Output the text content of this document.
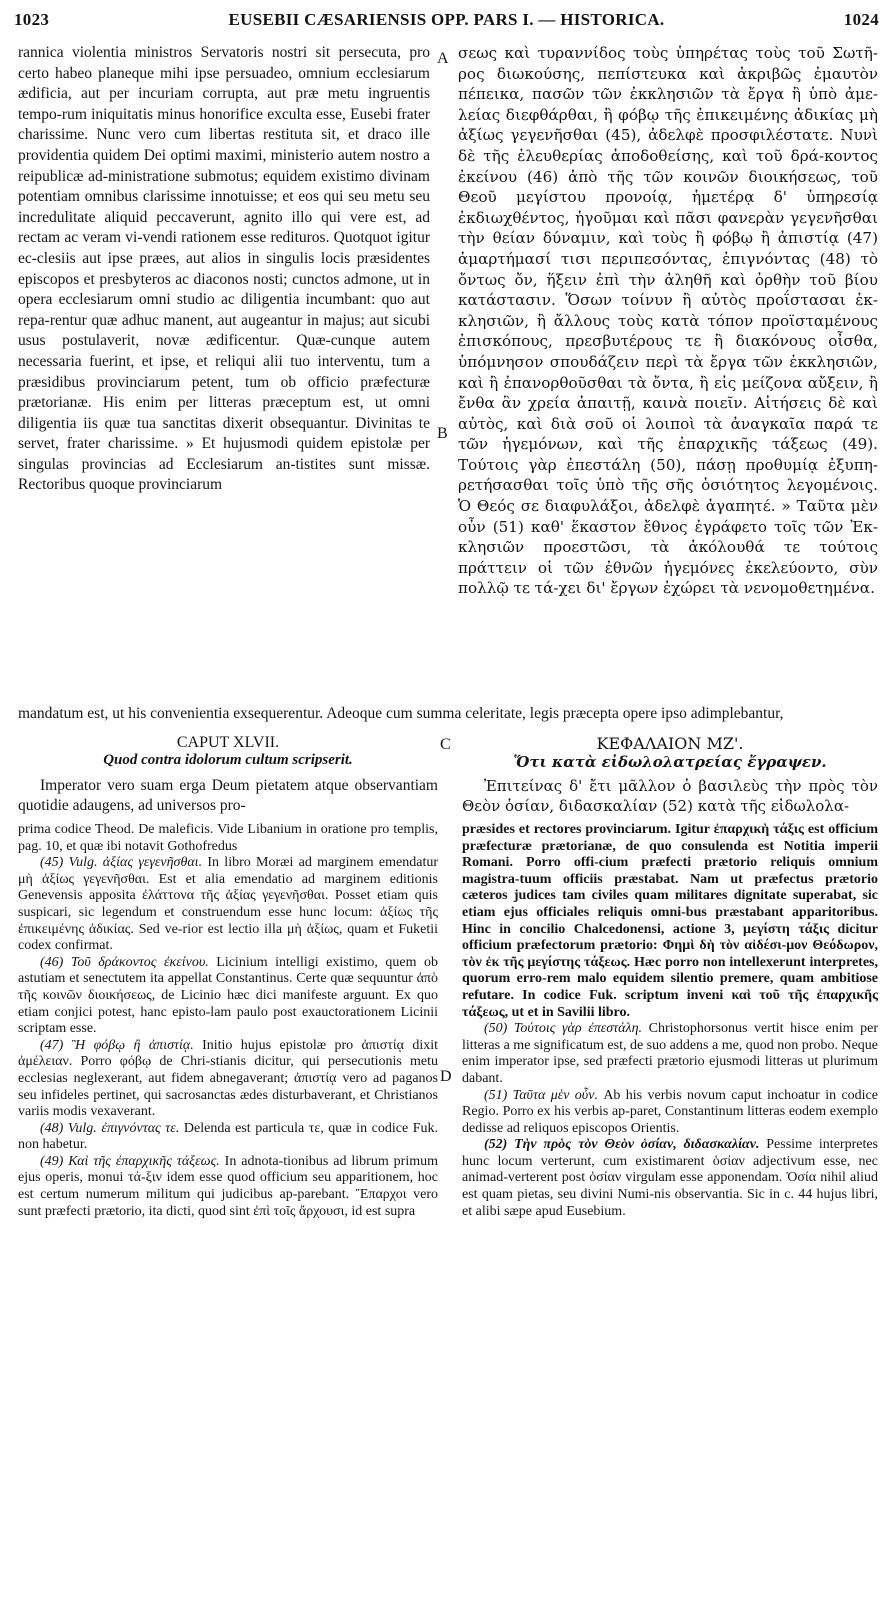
1023	EUSEBII CÆSARIENSIS OPP. PARS I. — HISTORICA.	1024
A
B
C
D

rannica violentia ministros Servatoris nostri sit persecuta, pro certo habeo planeque mihi ipse persuadeo, omnium ecclesiarum ædificia, aut per incuriam corrupta, aut præ metu ingruentis tempo-rum iniquitatis minus honorifice exculta esse, Eusebi frater charissime. Nunc vero cum libertas restituta sit, et draco ille providentia quidem Dei optimi maximi, ministerio autem nostro a reipublicæ ad-ministratione submotus; equidem existimo divinam potentiam omnibus clarissime innotuisse; et eos qui seu metu seu incredulitate aliquid peccaverunt, agnito illo qui vere est, ad rectam ac veram vi-vendi rationem esse redituros. Quotquot igitur ec-clesiis aut ipse præes, aut alios in singulis locis præsidentes episcopos et presbyteros ac diaconos nosti; cunctos admone, ut in opera ecclesiarum omni studio ac diligentia incumbant: quo aut repa-rentur quæ adhuc manent, aut augeantur in majus; aut sicubi usus postulaverit, novæ ædificentur. Quæ-cunque autem necessaria fuerint, et ipse, et reliqui alii tuo interventu, tum a præsidibus provinciarum petent, tum ob officio præfecturæ prætorianæ. His enim per litteras præceptum est, ut omni diligentia iis quæ tua sanctitas dixerit obsequantur. Divinitas te servet, frater charissime. » Et hujusmodi quidem epistolæ per singulas provincias ad Ecclesiarum an-tistites sunt missæ. Rectoribus quoque provinciarum

σεως καὶ τυραννίδος τοὺς ὑπηρέτας τοὺς τοῦ Σωτῆ-ρος διωκούσης, πεπίστευκα καὶ ἀκριβῶς ἐμαυτὸν πέπεικα, πασῶν τῶν ἐκκλησιῶν τὰ ἔργα ἢ ὑπὸ ἀμε-λείας διεφθάρθαι, ἢ φόβῳ τῆς ἐπικειμένης ἀδικίας μὴ ἀξίως γεγενῆσθαι (45), ἀδελφὲ προσφιλέστατε. Νυνὶ δὲ τῆς ἐλευθερίας ἀποδοθείσης, καὶ τοῦ δρά-κοντος ἐκείνου (46) ἀπὸ τῆς τῶν κοινῶν διοικήσεως, τοῦ Θεοῦ μεγίστου προνοίᾳ, ἡμετέρᾳ δ' ὑπηρεσίᾳ ἐκδιωχθέντος, ἡγοῦμαι καὶ πᾶσι φανερὰν γεγενῆσθαι τὴν θείαν δύναμιν, καὶ τοὺς ἢ φόβῳ ἢ ἀπιστίᾳ (47) ἁμαρτήμασί τισι περιπεσόντας, ἐπιγνόντας (48) τὸ ὄντως ὄν, ἥξειν ἐπὶ τὴν ἀληθῆ καὶ ὀρθὴν τοῦ βίου κατάστασιν. Ὅσων τοίνυν ἢ αὐτὸς προΐστασαι ἐκ-κλησιῶν, ἢ ἄλλους τοὺς κατὰ τόπον προϊσταμένους ἐπισκόπους, πρεσβυτέρους τε ἢ διακόνους οἶσθα, ὑπόμνησον σπουδάζειν περὶ τὰ ἔργα τῶν ἐκκλησιῶν, καὶ ἢ ἐπανορθοῦσθαι τὰ ὄντα, ἢ εἰς μείζονα αὔξειν, ἢ ἔνθα ἂν χρεία ἀπαιτῇ, καινὰ ποιεῖν. Αἰτήσεις δὲ καὶ αὐτὸς, καὶ διὰ σοῦ οἱ λοιποὶ τὰ ἀναγκαῖα παρά τε τῶν ἡγεμόνων, καὶ τῆς ἐπαρχικῆς τάξεως (49). Τούτοις γὰρ ἐπεστάλη (50), πάσῃ προθυμίᾳ ἐξυπη-ρετήσασθαι τοῖς ὑπὸ τῆς σῆς ὁσιότητος λεγομένοις. Ὁ Θεός σε διαφυλάξοι, ἀδελφὲ ἀγαπητέ. » Ταῦτα μὲν οὖν (51) καθ' ἕκαστον ἔθνος ἐγράφετο τοῖς τῶν Ἐκ-κλησιῶν προεστῶσι, τὰ ἀκόλουθά τε τούτοις πράττειν οἱ τῶν ἐθνῶν ἡγεμόνες ἐκελεύοντο, σὺν πολλῷ τε τά-χει δι' ἔργων ἐχώρει τὰ νενομοθετημένα.

mandatum est, ut his convenientia exsequerentur. Adeoque cum summa celeritate, legis præcepta opere ipso adimplebantur,

CAPUT XLVII.
Quod contra idolorum cultum scripserit.

Imperator vero suam erga Deum pietatem atque observantiam quotidie adaugens, ad universos pro-

ΚΕΦΑΛΑΙΟΝ ΜΖ'.
Ὅτι κατὰ εἰδωλολατρείας ἔγραψεν.

Ἐπιτείνας δ' ἔτι μᾶλλον ὁ βασιλεὺς τὴν πρὸς τὸν Θεὸν ὁσίαν, διδασκαλίαν (52) κατὰ τῆς εἰδωλολα-

prima codice Theod. De maleficis. Vide Libanium in oratione pro templis, pag. 10, et quæ ibi notavit Gothofredus

(45) Vulg. ἀξίας γεγενῆσθαι. In libro Moræi ad marginem emendatur μὴ ἀξίως γεγενῆσθαι. Est et alia emendatio ad marginem editionis Genevensis apposita ἐλάττονα τῆς ἀξίας γεγενῆσθαι. Posset etiam quis suspicari, sic legendum et construendum esse hunc locum: ἀξίως τῆς ἐπικειμένης ἀδικίας. Sed ve-rior est lectio illa μὴ ἀξίως, quam et Fuketii codex confirmat.

(46) Τοῦ δράκοντος ἐκείνου. Licinium intelligi existimo, quem ob astutiam et senectutem ita appellat Constantinus. Certe quæ sequuntur ἀπὸ τῆς κοινῶν διοικήσεως, de Licinio hæc dici manifeste arguunt. Ex quo etiam conjici potest, hanc episto-lam paulo post exauctorationem Licinii scriptam esse.

(47) Ἢ φόβῳ ἢ ἀπιστίᾳ. Initio hujus epistolæ pro ἀπιστίᾳ dixit ἀμέλειαν. Porro φόβῳ de Chri-stianis dicitur, qui persecutionis metu ecclesias neglexerant, aut fidem abnegaverant; ἀπιστίᾳ vero ad paganos seu infideles pertinet, qui sacrosanctas ædes disturbaverant, et Christianos variis modis vexaverant.

(48) Vulg. ἐπιγνόντας τε. Delenda est particula τε, quæ in codice Fuk. non habetur.

(49) Καὶ τῆς ἐπαρχικῆς τάξεως. In adnota-tionibus ad librum primum ejus operis, monui τά-ξιν idem esse quod officium seu apparitionem, hoc est certum numerum militum qui judicibus ap-parebant. Ἔπαρχοι vero sunt præfecti prætorio, ita dicti, quod sint ἐπὶ τοῖς ἄρχουσι, id est supra

præsides et rectores provinciarum. Igitur ἐπαρχικὴ τάξις est officium præfecturæ prætorianæ, de quo consulenda est Notitia imperii Romani. Porro offi-cium præfecti prætorio reliquis omnium magistra-tuum officiis præstabat. Nam ut præfectus prætorio cæteros judices tam civiles quam militares dignitate superabat, sic etiam ejus officiales reliquis omni-bus præstabant apparitoribus. Hinc in concilio Chalcedonensi, actione 3, μεγίστη τάξις dicitur officium præfectorum prætorio: Φημὶ δὴ τὸν αἰδέσι-μον Θεόδωρον, τὸν ἐκ τῆς μεγίστης τάξεως. Hæc porro non intellexerunt interpretes, quorum erro-rem malo equidem silentio premere, quam ambitiose refutare. In codice Fuk. scriptum inveni καὶ τοῦ τῆς ἐπαρχικῆς τάξεως, ut et in Savilii libro.

(50) Τούτοις γὰρ ἐπεστάλη. Christophorsonus vertit hisce enim per litteras a me significatum est, de suo addens a me, quod non probo. Neque enim imperator ipse, sed præfecti prætorio ejusmodi litteras ut plurimum dabant.

(51) Ταῦτα μὲν οὖν. Ab his verbis novum caput inchoatur in codice Regio. Porro ex his verbis ap-paret, Constantinum litteras eodem exemplo dedisse ad reliquos episcopos Orientis.

(52) Τὴν πρὸς τὸν Θεὸν ὁσίαν, διδασκαλίαν. Pessime interpretes hunc locum verterunt, cum existimarent ὁσίαν adjectivum esse, nec animad-verterent post ὁσίαν virgulam esse apponendam. Ὁσία nihil aliud est quam pietas, seu divini Numi-nis observantia. Sic in c. 44 hujus libri, et alibi sæpe apud Eusebium.
